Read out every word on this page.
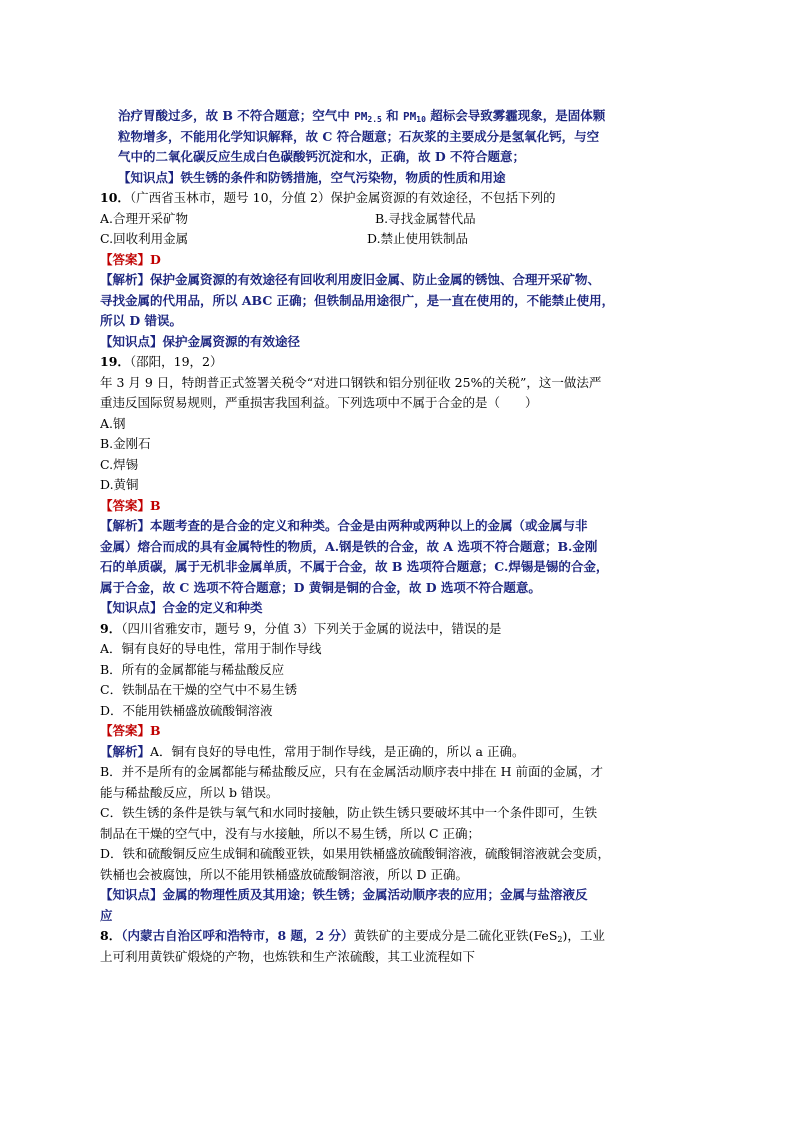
治疗胃酸过多，故 B 不符合题意；空气中 $PM_{2.5}$ 和 $PM_{10}$ 超标会导致雾霾现象，是固体颗
粒物增多，不能用化学知识解释，故 C 符合题意；石灰浆的主要成分是氢氧化钙，与空
气中的二氧化碳反应生成白色碳酸钙沉淀和水，正确，故 D 不符合题意；
【知识点】铁生锈的条件和防锈措施，空气污染物，物质的性质和用途
10．（广西省玉林市，题号 10，分值 2）保护金属资源的有效途径，不包括下列的
A.合理开采矿物	B.寻找金属替代品
C.回收利用金属	D.禁止使用铁制品
【答案】D
【解析】保护金属资源的有效途径有回收利用废旧金属、防止金属的锈蚀、合理开采矿物、
寻找金属的代用品，所以 ABC 正确；但铁制品用途很广，是一直在使用的，不能禁止使用，
所以 D 错误。
【知识点】保护金属资源的有效途径
19．（邵阳，19，2）
年 3 月 9 日，特朗普正式签署关税令“对进口钢铁和铝分别征收 25%的关税”，这一做法严
重违反国际贸易规则，严重损害我国利益。下列选项中不属于合金的是（　　）
A.钢
B.金刚石
C.焊锡
D.黄铜
【答案】B
【解析】本题考查的是合金的定义和种类。合金是由两种或两种以上的金属（或金属与非
金属）熔合而成的具有金属特性的物质，A.钢是铁的合金，故 A 选项不符合题意；B.金刚
石的单质碳，属于无机非金属单质，不属于合金，故 B 选项符合题意；C.焊锡是锡的合金，
属于合金，故 C 选项不符合题意；D 黄铜是铜的合金，故 D 选项不符合题意。
【知识点】合金的定义和种类
9．（四川省雅安市，题号 9，分值 3）下列关于金属的说法中，错误的是
A．铜有良好的导电性，常用于制作导线
B．所有的金属都能与稀盐酸反应
C．铁制品在干燥的空气中不易生锈
D．不能用铁桶盛放硫酸铜溶液
【答案】B
【解析】A．铜有良好的导电性，常用于制作导线，是正确的，所以 a 正确。
B．并不是所有的金属都能与稀盐酸反应，只有在金属活动顺序表中排在 H 前面的金属，才
能与稀盐酸反应，所以 b 错误。
C．铁生锈的条件是铁与氧气和水同时接触，防止铁生锈只要破坏其中一个条件即可，生铁
制品在干燥的空气中，没有与水接触，所以不易生锈，所以 C 正确；
D．铁和硫酸铜反应生成铜和硫酸亚铁，如果用铁桶盛放硫酸铜溶液，硫酸铜溶液就会变质，
铁桶也会被腐蚀，所以不能用铁桶盛放硫酸铜溶液，所以 D 正确。
【知识点】金属的物理性质及其用途；铁生锈；金属活动顺序表的应用；金属与盐溶液反
应
8．（内蒙古自治区呼和浩特市，8 题，2 分）黄铁矿的主要成分是二硫化亚铁(FeS$_2$)，工业
上可利用黄铁矿煅烧的产物，也炼铁和生产浓硫酸，其工业流程如下
